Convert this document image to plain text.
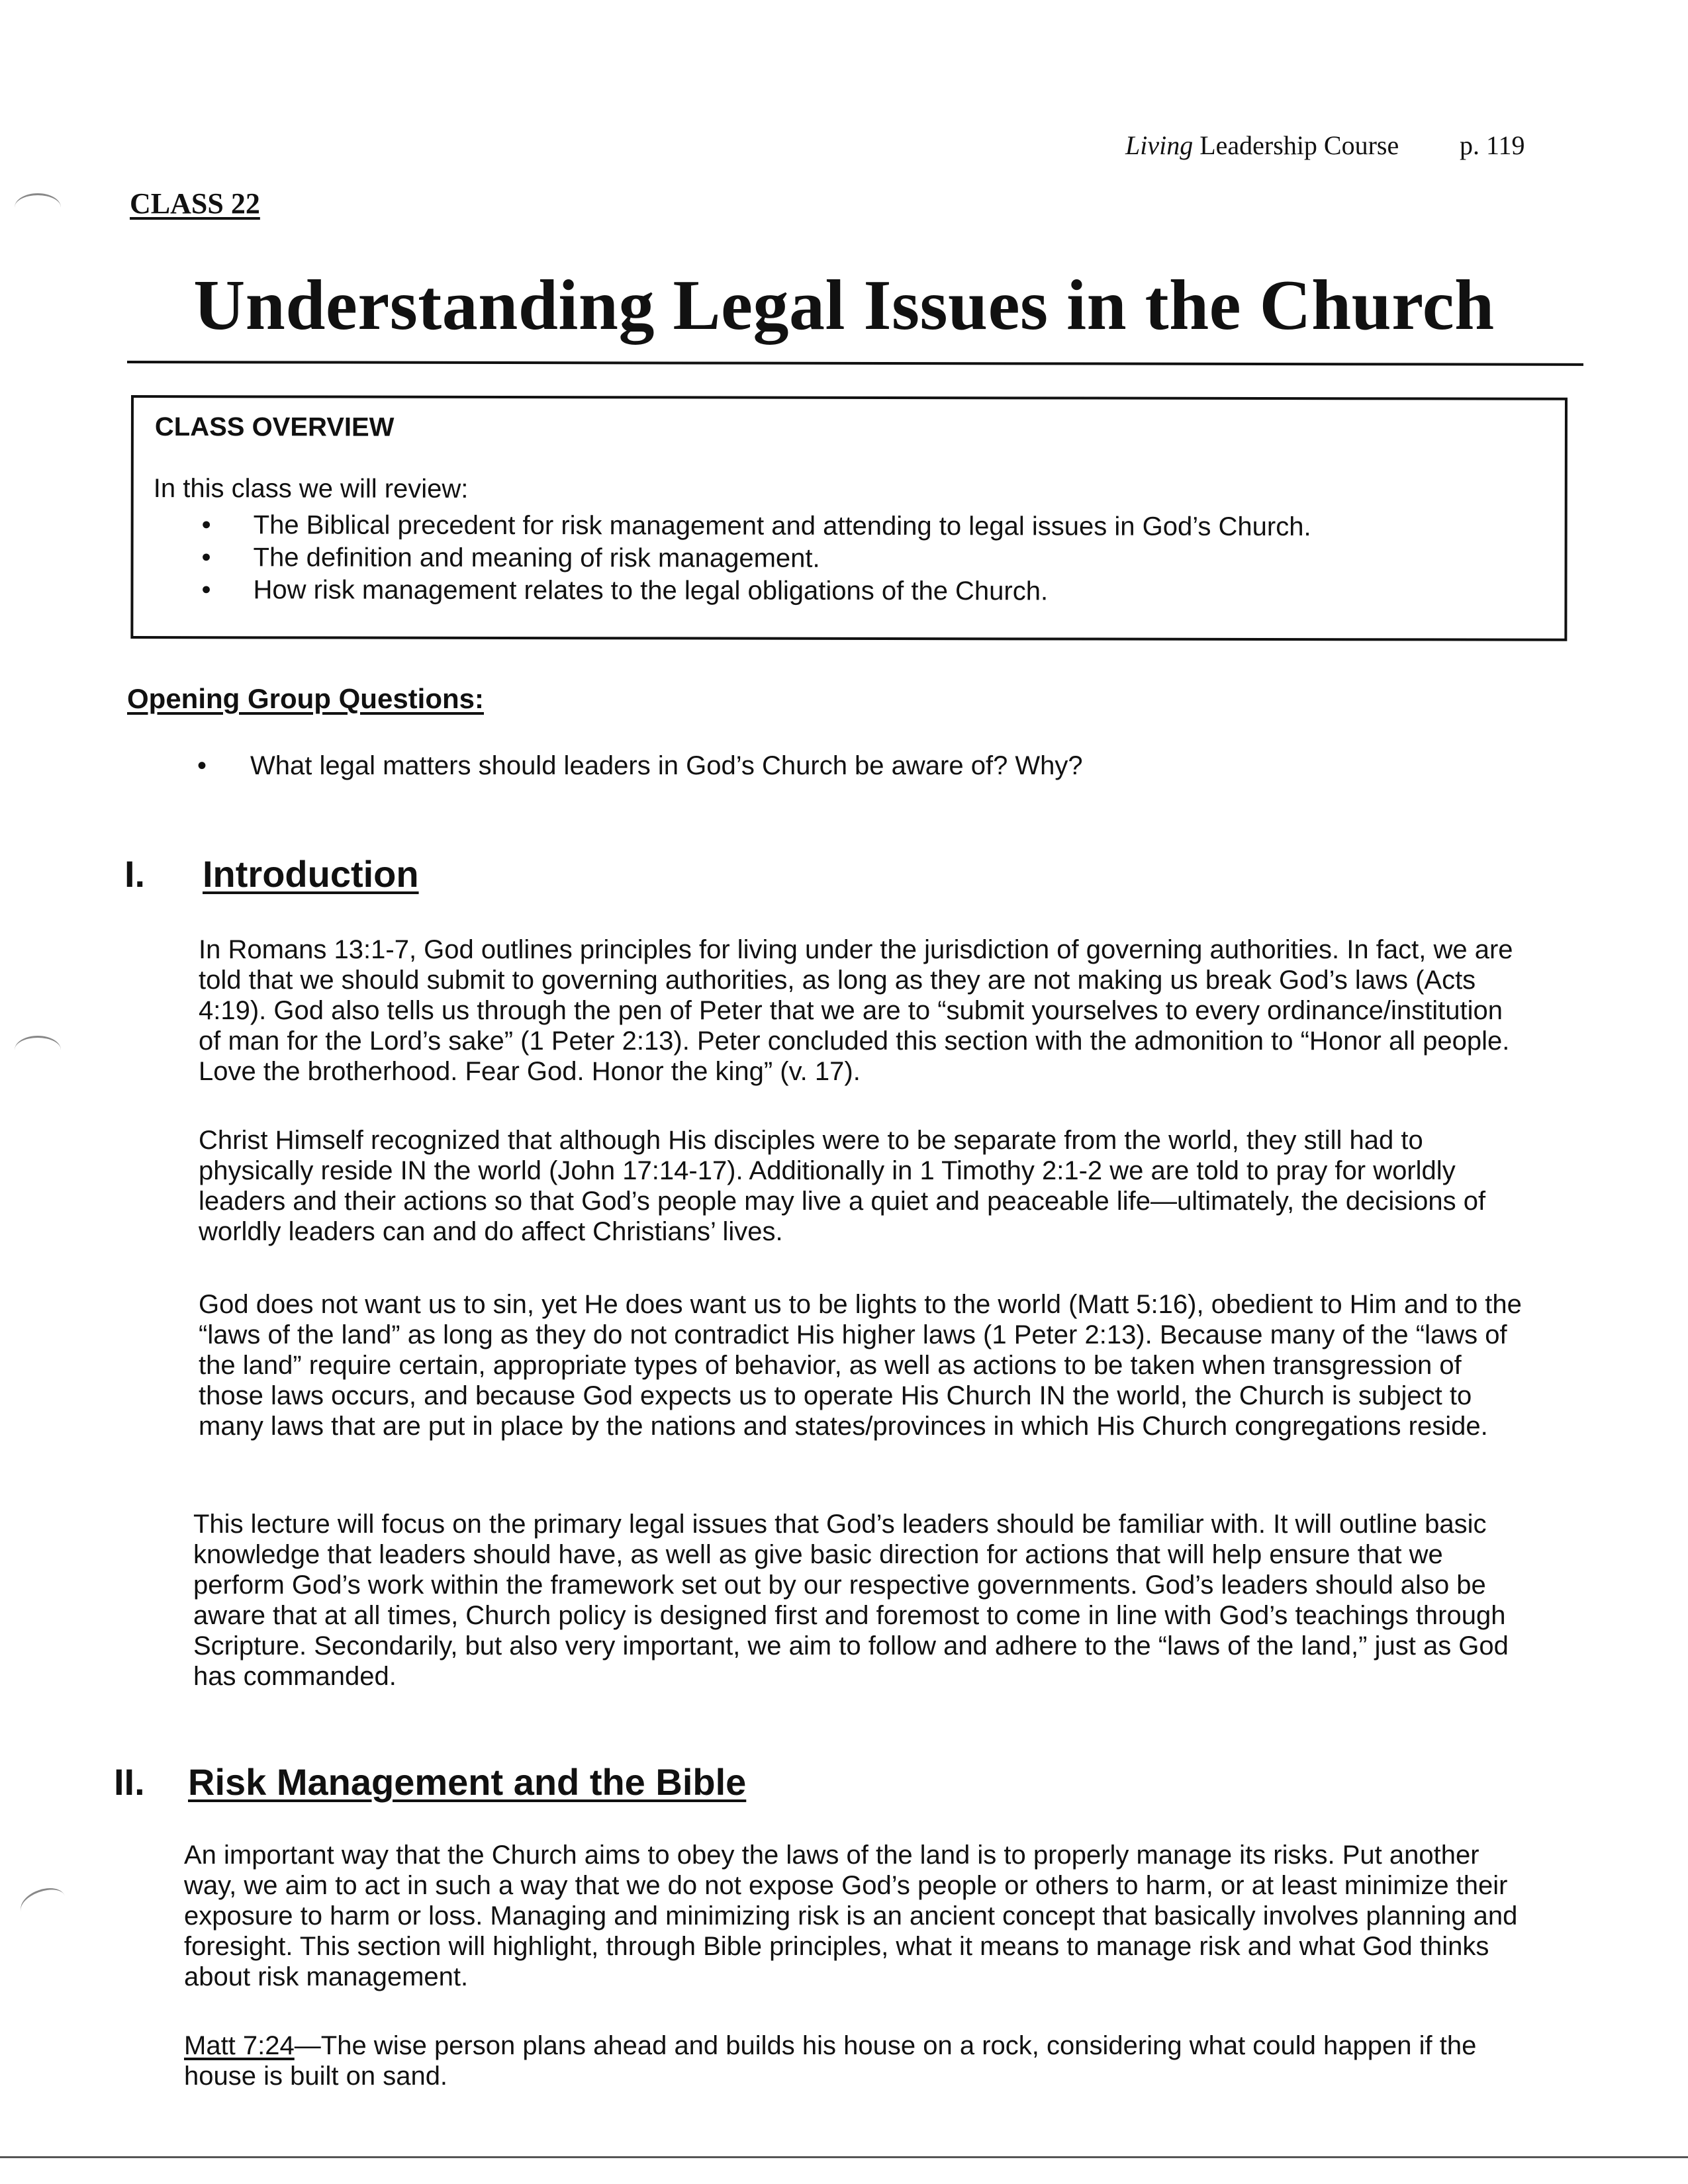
Living Leadership Course p. 119
CLASS 22
Understanding Legal Issues in the Church
CLASS OVERVIEW
In this class we will review:
• The Biblical precedent for risk management and attending to legal issues in God’s Church.
• The definition and meaning of risk management.
• How risk management relates to the legal obligations of the Church.
Opening Group Questions:
• What legal matters should leaders in God’s Church be aware of? Why?
I. Introduction

In Romans 13:1-7, God outlines principles for living under the jurisdiction of governing authorities. In fact, we are told that we should submit to governing authorities, as long as they are not making us break God’s laws (Acts 4:19). God also tells us through the pen of Peter that we are to “submit yourselves to every ordinance/institution of man for the Lord’s sake” (1 Peter 2:13). Peter concluded this section with the admonition to “Honor all people. Love the brotherhood. Fear God. Honor the king” (v. 17).

Christ Himself recognized that although His disciples were to be separate from the world, they still had to physically reside IN the world (John 17:14-17). Additionally in 1 Timothy 2:1-2 we are told to pray for worldly leaders and their actions so that God’s people may live a quiet and peaceable life—ultimately, the decisions of worldly leaders can and do affect Christians’ lives.

God does not want us to sin, yet He does want us to be lights to the world (Matt 5:16), obedient to Him and to the “laws of the land” as long as they do not contradict His higher laws (1 Peter 2:13). Because many of the “laws of the land” require certain, appropriate types of behavior, as well as actions to be taken when transgression of those laws occurs, and because God expects us to operate His Church IN the world, the Church is subject to many laws that are put in place by the nations and states/provinces in which His Church congregations reside.

This lecture will focus on the primary legal issues that God’s leaders should be familiar with. It will outline basic knowledge that leaders should have, as well as give basic direction for actions that will help ensure that we perform God’s work within the framework set out by our respective governments. God’s leaders should also be aware that at all times, Church policy is designed first and foremost to come in line with God’s teachings through Scripture. Secondarily, but also very important, we aim to follow and adhere to the “laws of the land,” just as God has commanded.

II. Risk Management and the Bible

An important way that the Church aims to obey the laws of the land is to properly manage its risks. Put another way, we aim to act in such a way that we do not expose God’s people or others to harm, or at least minimize their exposure to harm or loss. Managing and minimizing risk is an ancient concept that basically involves planning and foresight. This section will highlight, through Bible principles, what it means to manage risk and what God thinks about risk management.

Matt 7:24—The wise person plans ahead and builds his house on a rock, considering what could happen if the house is built on sand.
